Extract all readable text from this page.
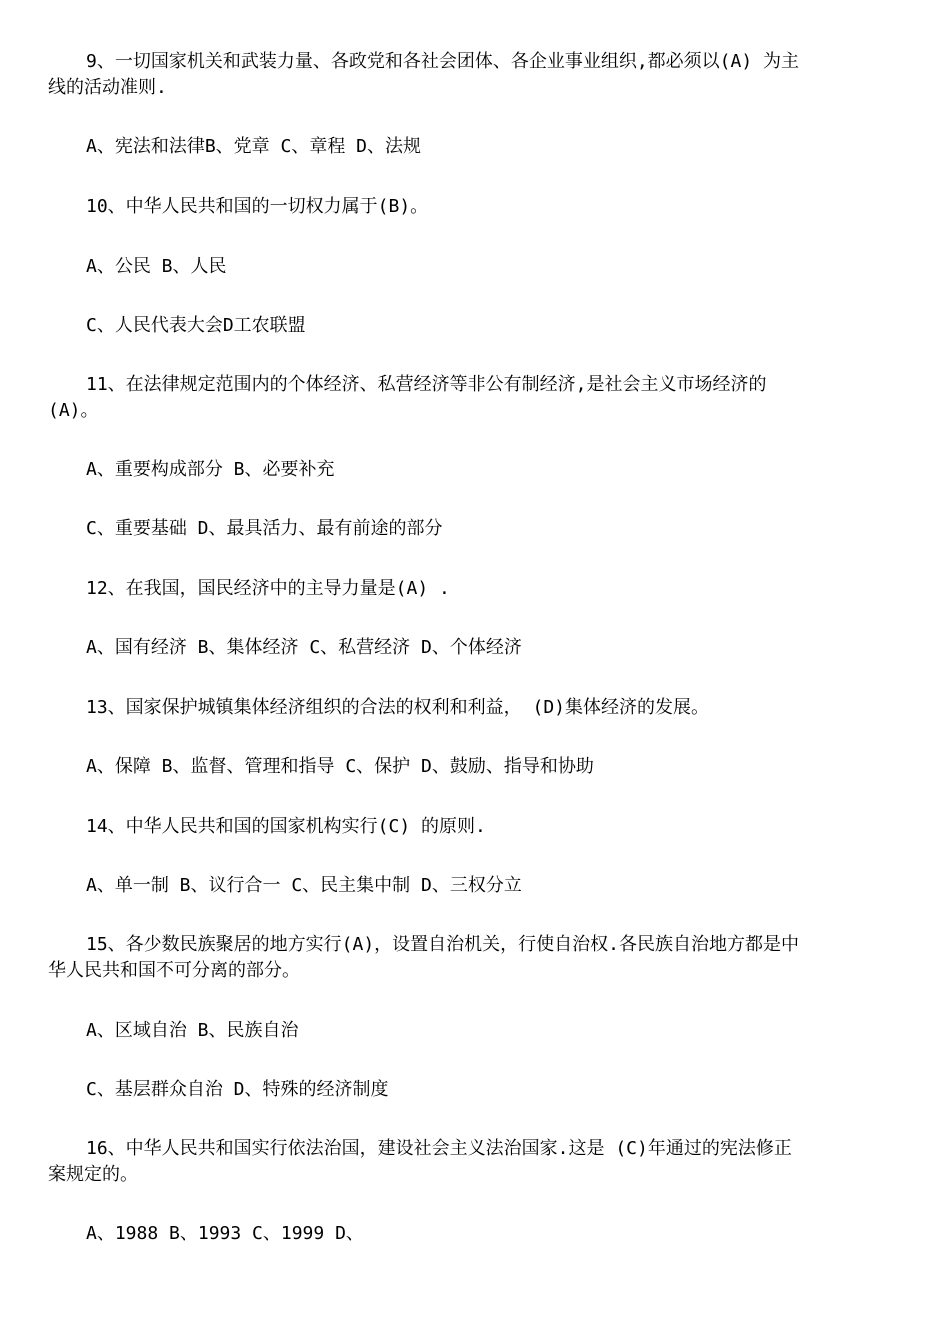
9、一切国家机关和武装力量、各政党和各社会团体、各企业事业组织,都必须以(A) 为主
线的活动准则.
A、宪法和法律B、党章 C、章程 D、法规
10、中华人民共和国的一切权力属于(B)。
A、公民 B、人民
C、人民代表大会D工农联盟
11、在法律规定范围内的个体经济、私营经济等非公有制经济,是社会主义市场经济的
(A)。
A、重要构成部分 B、必要补充
C、重要基础 D、最具活力、最有前途的部分
12、在我国，国民经济中的主导力量是(A) .
A、国有经济 B、集体经济 C、私营经济 D、个体经济
13、国家保护城镇集体经济组织的合法的权利和利益， (D)集体经济的发展。
A、保障 B、监督、管理和指导 C、保护 D、鼓励、指导和协助
14、中华人民共和国的国家机构实行(C) 的原则.
A、单一制 B、议行合一 C、民主集中制 D、三权分立
15、各少数民族聚居的地方实行(A)，设置自治机关，行使自治权.各民族自治地方都是中
华人民共和国不可分离的部分。
A、区域自治 B、民族自治
C、基层群众自治 D、特殊的经济制度
16、中华人民共和国实行依法治国，建设社会主义法治国家.这是 (C)年通过的宪法修正
案规定的。
A、1988 B、1993 C、1999 D、
